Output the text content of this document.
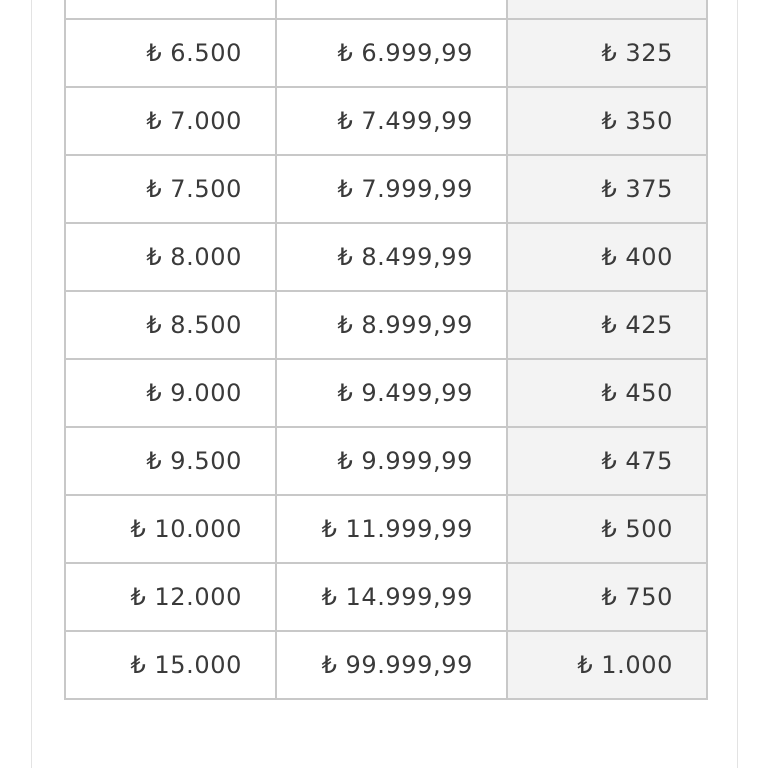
₺ 6.500	₺ 6.999,99	₺ 325
₺ 7.000	₺ 7.499,99	₺ 350
₺ 7.500	₺ 7.999,99	₺ 375
₺ 8.000	₺ 8.499,99	₺ 400
₺ 8.500	₺ 8.999,99	₺ 425
₺ 9.000	₺ 9.499,99	₺ 450
₺ 9.500	₺ 9.999,99	₺ 475
₺ 10.000	₺ 11.999,99	₺ 500
₺ 12.000	₺ 14.999,99	₺ 750
₺ 15.000	₺ 99.999,99	₺ 1.000
